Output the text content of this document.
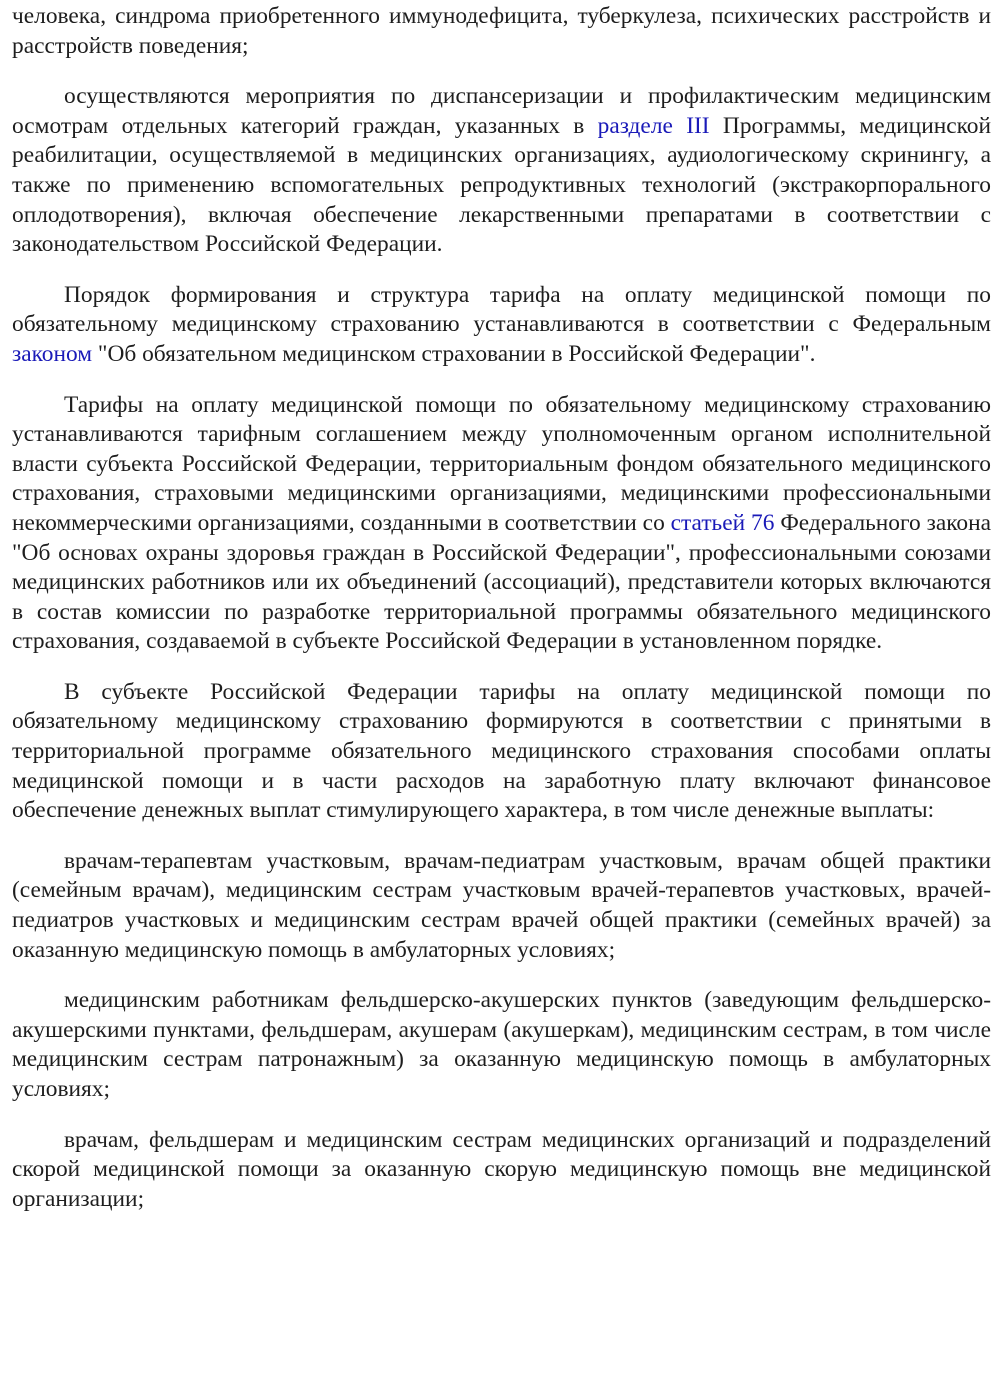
человека, синдрома приобретенного иммунодефицита, туберкулеза, психических расстройств и расстройств поведения;

осуществляются мероприятия по диспансеризации и профилактическим медицинским осмотрам отдельных категорий граждан, указанных в разделе III Программы, медицинской реабилитации, осуществляемой в медицинских организациях, аудиологическому скринингу, а также по применению вспомогательных репродуктивных технологий (экстракорпорального оплодотворения), включая обеспечение лекарственными препаратами в соответствии с законодательством Российской Федерации.

Порядок формирования и структура тарифа на оплату медицинской помощи по обязательному медицинскому страхованию устанавливаются в соответствии с Федеральным законом "Об обязательном медицинском страховании в Российской Федерации".

Тарифы на оплату медицинской помощи по обязательному медицинскому страхованию устанавливаются тарифным соглашением между уполномоченным органом исполнительной власти субъекта Российской Федерации, территориальным фондом обязательного медицинского страхования, страховыми медицинскими организациями, медицинскими профессиональными некоммерческими организациями, созданными в соответствии со статьей 76 Федерального закона "Об основах охраны здоровья граждан в Российской Федерации", профессиональными союзами медицинских работников или их объединений (ассоциаций), представители которых включаются в состав комиссии по разработке территориальной программы обязательного медицинского страхования, создаваемой в субъекте Российской Федерации в установленном порядке.

В субъекте Российской Федерации тарифы на оплату медицинской помощи по обязательному медицинскому страхованию формируются в соответствии с принятыми в территориальной программе обязательного медицинского страхования способами оплаты медицинской помощи и в части расходов на заработную плату включают финансовое обеспечение денежных выплат стимулирующего характера, в том числе денежные выплаты:

врачам-терапевтам участковым, врачам-педиатрам участковым, врачам общей практики (семейным врачам), медицинским сестрам участковым врачей-терапевтов участковых, врачей-педиатров участковых и медицинским сестрам врачей общей практики (семейных врачей) за оказанную медицинскую помощь в амбулаторных условиях;

медицинским работникам фельдшерско-акушерских пунктов (заведующим фельдшерско-акушерскими пунктами, фельдшерам, акушерам (акушеркам), медицинским сестрам, в том числе медицинским сестрам патронажным) за оказанную медицинскую помощь в амбулаторных условиях;

врачам, фельдшерам и медицинским сестрам медицинских организаций и подразделений скорой медицинской помощи за оказанную скорую медицинскую помощь вне медицинской организации;
